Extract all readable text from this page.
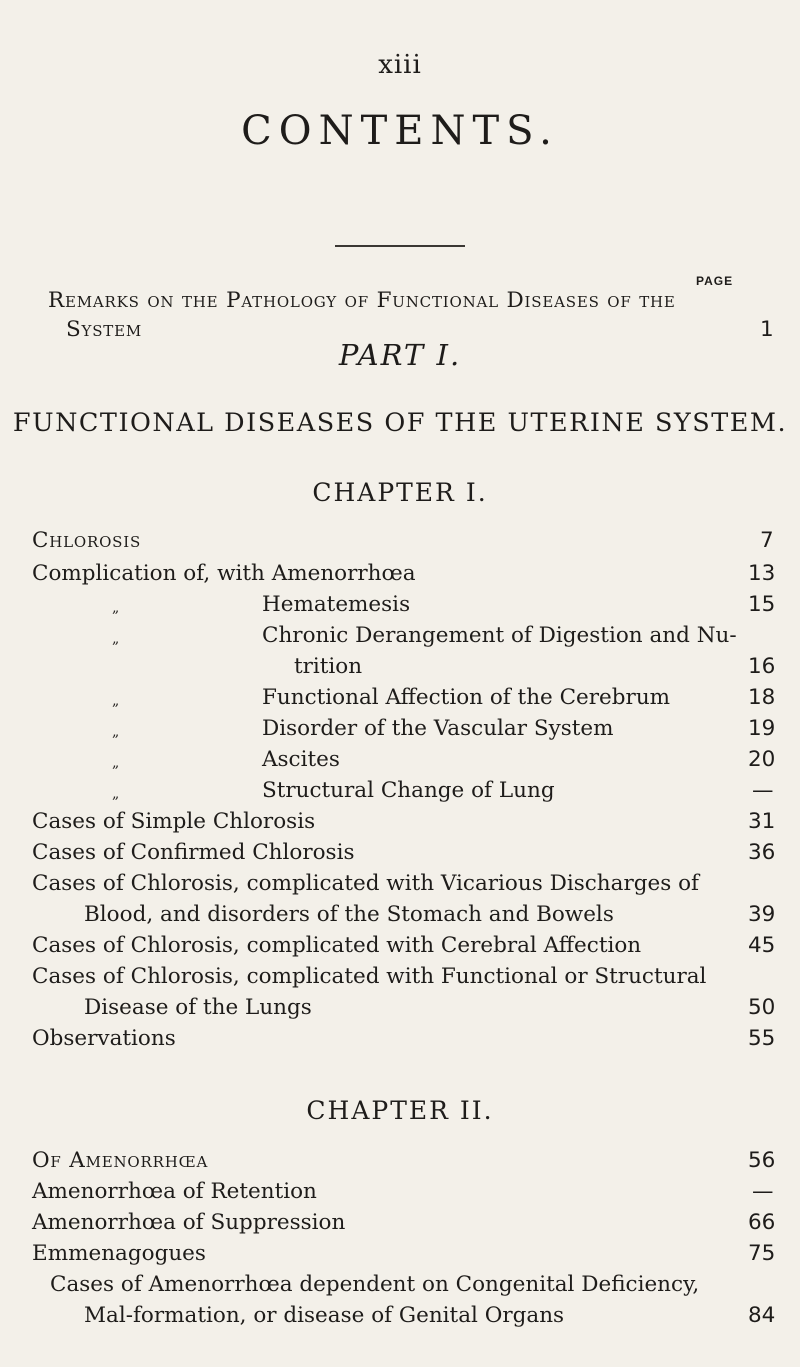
xiii
CONTENTS.
PAGE
Remarks on the Pathology of Functional Diseases of the
System	1
PART I.
FUNCTIONAL DISEASES OF THE UTERINE SYSTEM.
CHAPTER I.
Chlorosis	7
Complication of, with Amenorrhœa	13
„	Hematemesis	15
„	Chronic Derangement of Digestion and Nu-
trition	16
„	Functional Affection of the Cerebrum	18
„	Disorder of the Vascular System	19
„	Ascites	20
„	Structural Change of Lung	—
Cases of Simple Chlorosis	31
Cases of Confirmed Chlorosis	36
Cases of Chlorosis, complicated with Vicarious Discharges of
Blood, and disorders of the Stomach and Bowels	39
Cases of Chlorosis, complicated with Cerebral Affection	45
Cases of Chlorosis, complicated with Functional or Structural
Disease of the Lungs	50
Observations	55
CHAPTER II.
Of Amenorrhœa	56
Amenorrhœa of Retention	—
Amenorrhœa of Suppression	66
Emmenagogues	75
Cases of Amenorrhœa dependent on Congenital Deficiency,
Mal-formation, or disease of Genital Organs	84
